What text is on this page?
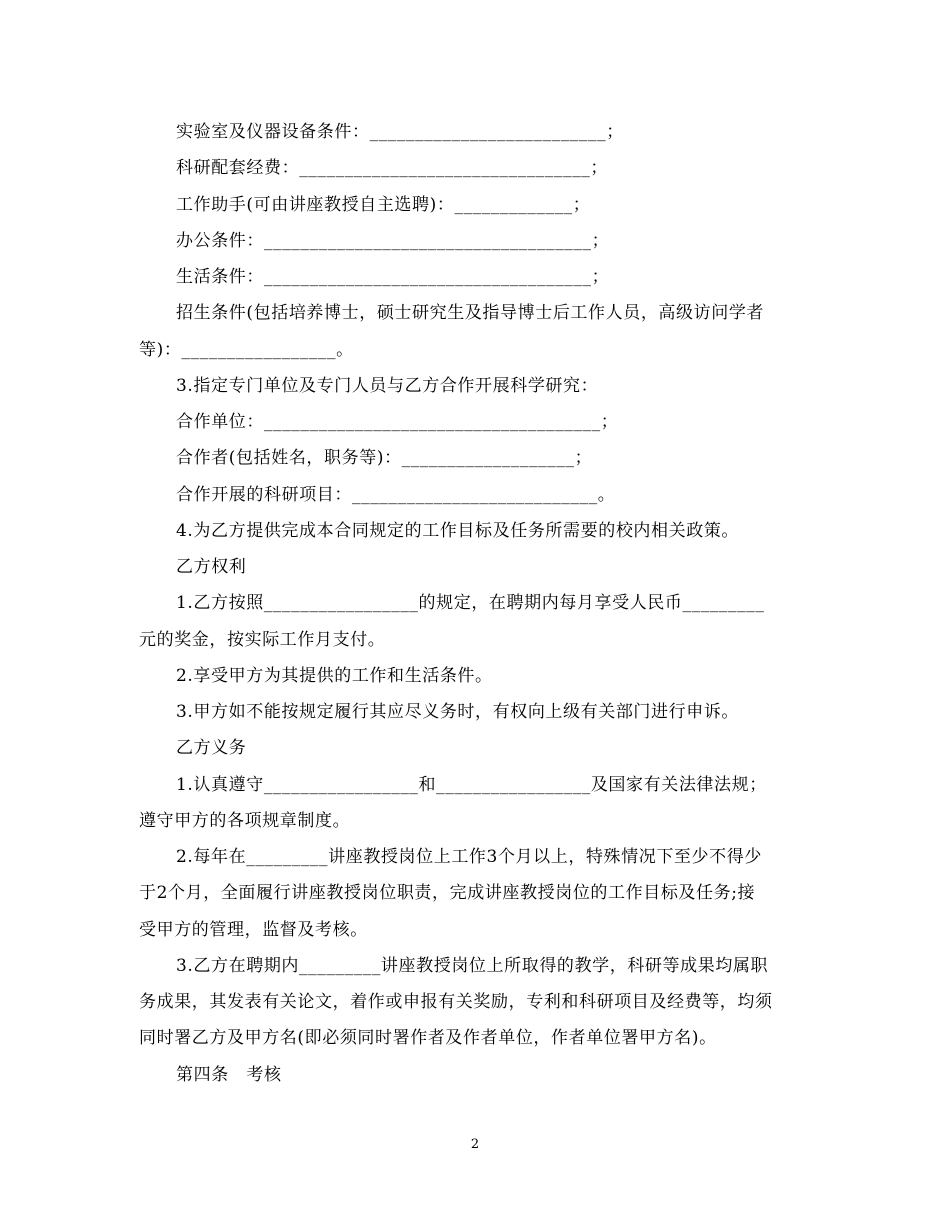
实验室及仪器设备条件：__________________________；
科研配套经费：________________________________；
工作助手(可由讲座教授自主选聘)：_____________；
办公条件：____________________________________；
生活条件：____________________________________；
招生条件(包括培养博士，硕士研究生及指导博士后工作人员，高级访问学者
等)：_________________。
3.指定专门单位及专门人员与乙方合作开展科学研究：
合作单位：_____________________________________；
合作者(包括姓名，职务等)：___________________；
合作开展的科研项目：___________________________。
4.为乙方提供完成本合同规定的工作目标及任务所需要的校内相关政策。
乙方权利
1.乙方按照_________________的规定，在聘期内每月享受人民币_________
元的奖金，按实际工作月支付。
2.享受甲方为其提供的工作和生活条件。
3.甲方如不能按规定履行其应尽义务时，有权向上级有关部门进行申诉。
乙方义务
1.认真遵守_________________和_________________及国家有关法律法规；
遵守甲方的各项规章制度。
2.每年在_________讲座教授岗位上工作3个月以上，特殊情况下至少不得少
于2个月，全面履行讲座教授岗位职责，完成讲座教授岗位的工作目标及任务;接
受甲方的管理，监督及考核。
3.乙方在聘期内_________讲座教授岗位上所取得的教学，科研等成果均属职
务成果，其发表有关论文，着作或申报有关奖励，专利和科研项目及经费等，均须
同时署乙方及甲方名(即必须同时署作者及作者单位，作者单位署甲方名)。
第四条　考核
2
